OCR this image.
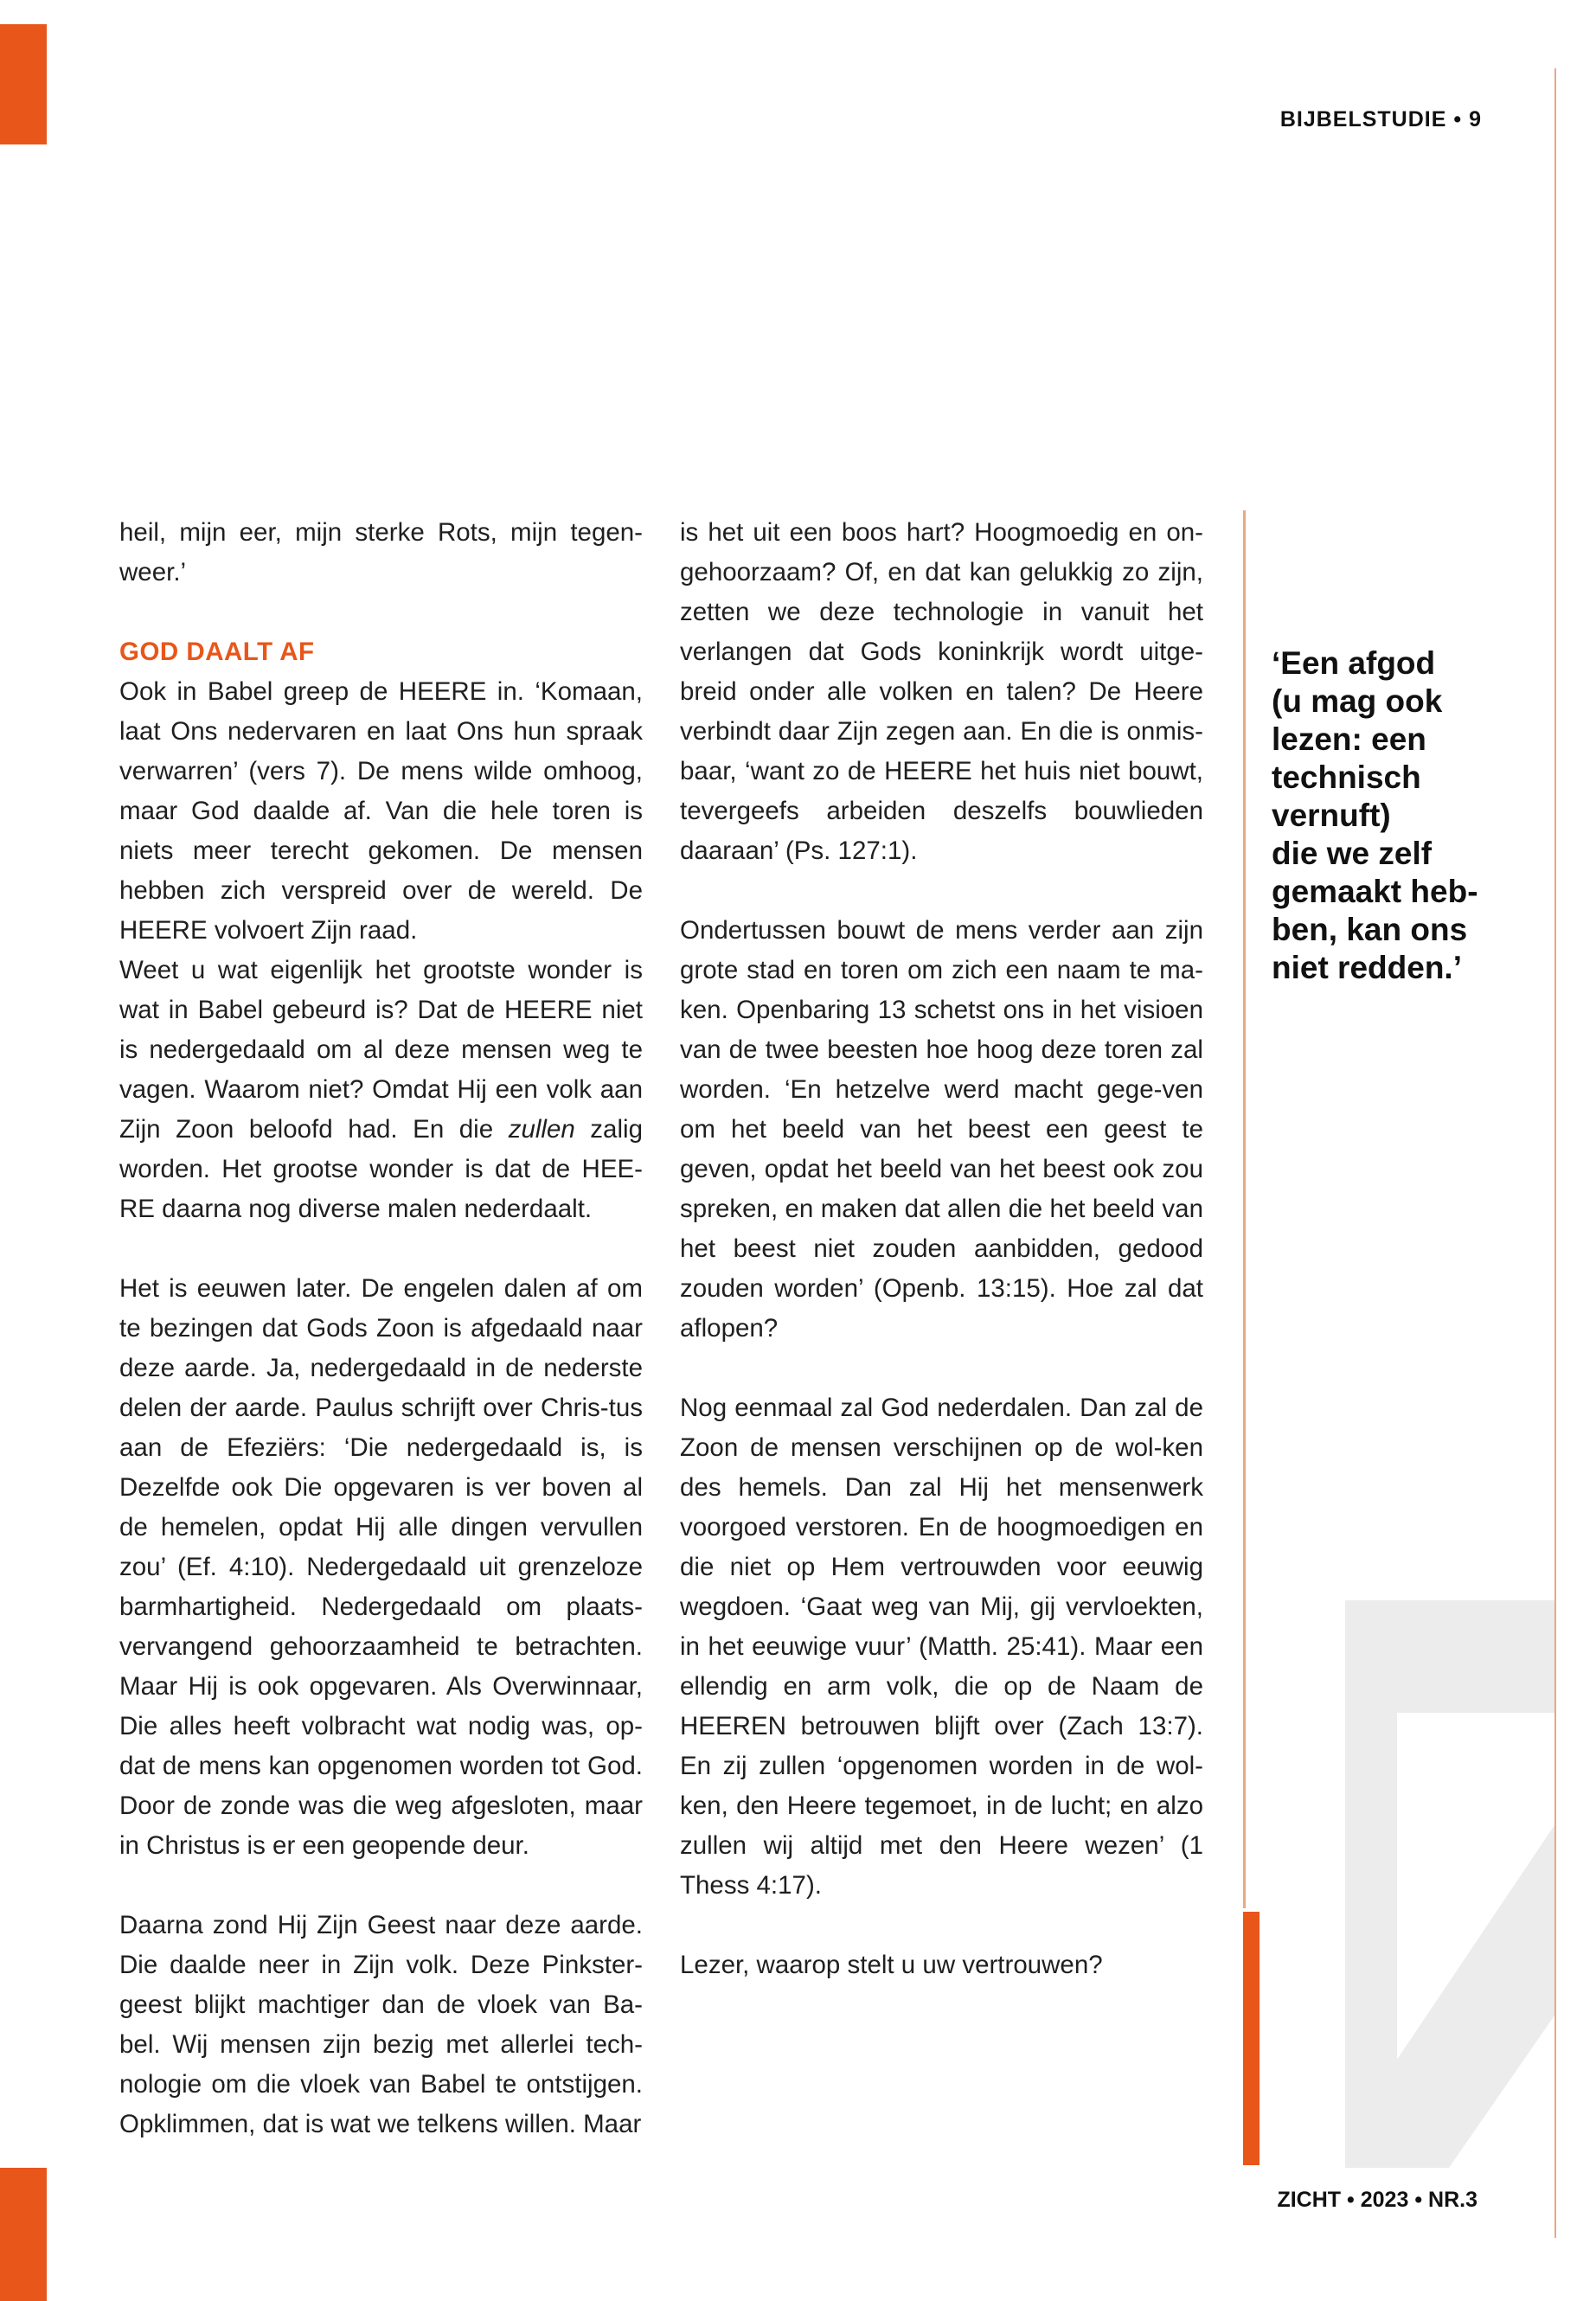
BIJBELSTUDIE • 9

heil, mijn eer, mijn sterke Rots, mijn tegen-weer.’

GOD DAALT AF

Ook in Babel greep de HEERE in. ‘Komaan, laat Ons nedervaren en laat Ons hun spraak verwarren’ (vers 7). De mens wilde omhoog, maar God daalde af. Van die hele toren is niets meer terecht gekomen. De mensen hebben zich verspreid over de wereld. De HEERE volvoert Zijn raad.

Weet u wat eigenlijk het grootste wonder is wat in Babel gebeurd is? Dat de HEERE niet is nedergedaald om al deze mensen weg te vagen. Waarom niet? Omdat Hij een volk aan Zijn Zoon beloofd had. En die zullen zalig worden. Het grootse wonder is dat de HEE-RE daarna nog diverse malen nederdaalt.

Het is eeuwen later. De engelen dalen af om te bezingen dat Gods Zoon is afgedaald naar deze aarde. Ja, nedergedaald in de nederste delen der aarde. Paulus schrijft over Chris-tus aan de Efeziërs: ‘Die nedergedaald is, is Dezelfde ook Die opgevaren is ver boven al de hemelen, opdat Hij alle dingen vervullen zou’ (Ef. 4:10). Nedergedaald uit grenzeloze barmhartigheid. Nedergedaald om plaats-vervangend gehoorzaamheid te betrachten. Maar Hij is ook opgevaren. Als Overwinnaar, Die alles heeft volbracht wat nodig was, op-dat de mens kan opgenomen worden tot God. Door de zonde was die weg afgesloten, maar in Christus is er een geopende deur.

Daarna zond Hij Zijn Geest naar deze aarde. Die daalde neer in Zijn volk. Deze Pinkster-geest blijkt machtiger dan de vloek van Ba-bel. Wij mensen zijn bezig met allerlei tech-nologie om die vloek van Babel te ontstijgen. Opklimmen, dat is wat we telkens willen. Maar

is het uit een boos hart? Hoogmoedig en on-gehoorzaam? Of, en dat kan gelukkig zo zijn, zetten we deze technologie in vanuit het verlangen dat Gods koninkrijk wordt uitge-breid onder alle volken en talen? De Heere verbindt daar Zijn zegen aan. En die is onmis-baar, ‘want zo de HEERE het huis niet bouwt, tevergeefs arbeiden deszelfs bouwlieden daaraan’ (Ps. 127:1).

Ondertussen bouwt de mens verder aan zijn grote stad en toren om zich een naam te ma-ken. Openbaring 13 schetst ons in het visioen van de twee beesten hoe hoog deze toren zal worden. ‘En hetzelve werd macht gege-ven om het beeld van het beest een geest te geven, opdat het beeld van het beest ook zou spreken, en maken dat allen die het beeld van het beest niet zouden aanbidden, gedood zouden worden’ (Openb. 13:15). Hoe zal dat aflopen?

Nog eenmaal zal God nederdalen. Dan zal de Zoon de mensen verschijnen op de wol-ken des hemels. Dan zal Hij het mensenwerk voorgoed verstoren. En de hoogmoedigen en die niet op Hem vertrouwden voor eeuwig wegdoen. ‘Gaat weg van Mij, gij vervloekten, in het eeuwige vuur’ (Matth. 25:41). Maar een ellendig en arm volk, die op de Naam de HEEREN betrouwen blijft over (Zach 13:7). En zij zullen ‘opgenomen worden in de wol-ken, den Heere tegemoet, in de lucht; en alzo zullen wij altijd met den Heere wezen’ (1 Thess 4:17).

Lezer, waarop stelt u uw vertrouwen?

‘Een afgod
(u mag ook
lezen: een
technisch
vernuft)
die we zelf
gemaakt heb-
ben, kan ons
niet redden.’
ZICHT • 2023 • NR.3
